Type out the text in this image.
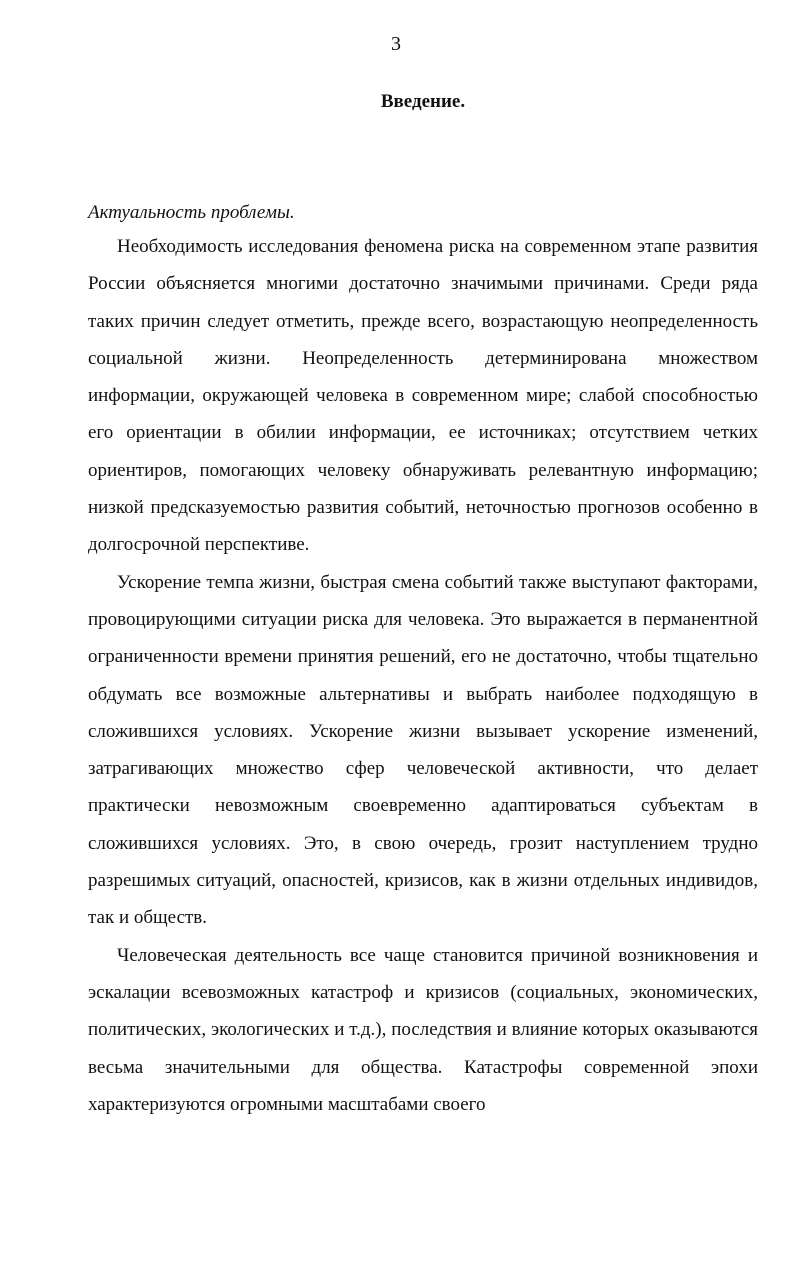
3
Введение.
Актуальность проблемы.

Необходимость исследования феномена риска на современном этапе развития России объясняется многими достаточно значимыми причинами. Среди ряда таких причин следует отметить, прежде всего, возрастающую неопределенность социальной жизни. Неопределенность детерминирована множеством информации, окружающей человека в современном мире; слабой способностью его ориентации в обилии информации, ее источниках; отсутствием четких ориентиров, помогающих человеку обнаруживать релевантную информацию; низкой предсказуемостью развития событий, неточностью прогнозов особенно в долгосрочной перспективе.

Ускорение темпа жизни, быстрая смена событий также выступают факторами, провоцирующими ситуации риска для человека. Это выражается в перманентной ограниченности времени принятия решений, его не достаточно, чтобы тщательно обдумать все возможные альтернативы и выбрать наиболее подходящую в сложившихся условиях. Ускорение жизни вызывает ускорение изменений, затрагивающих множество сфер человеческой активности, что делает практически невозможным своевременно адаптироваться субъектам в сложившихся условиях. Это, в свою очередь, грозит наступлением трудно разрешимых ситуаций, опасностей, кризисов, как в жизни отдельных индивидов, так и обществ.

Человеческая деятельность все чаще становится причиной возникновения и эскалации всевозможных катастроф и кризисов (социальных, экономических, политических, экологических и т.д.), последствия и влияние которых оказываются весьма значительными для общества. Катастрофы современной эпохи характеризуются огромными масштабами своего
